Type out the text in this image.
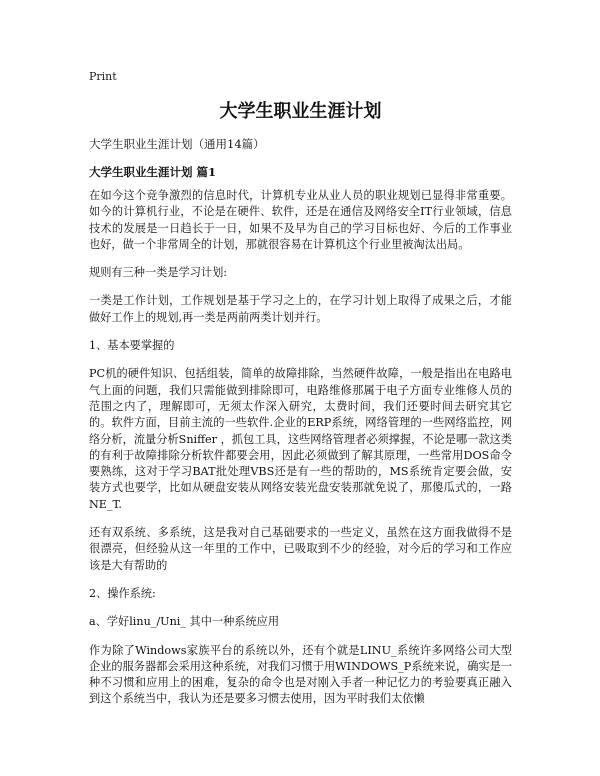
Print
大学生职业生涯计划
大学生职业生涯计划（通用14篇）
大学生职业生涯计划 篇1

在如今这个竞争激烈的信息时代，计算机专业从业人员的职业规划已显得非常重要。如今的计算机行业，不论是在硬件、软件，还是在通信及网络安全IT行业领域，信息技术的发展是一日趋长于一日，如果不及早为自己的学习目标也好、今后的工作事业也好，做一个非常周全的计划，那就很容易在计算机这个行业里被淘汰出局。

规则有三种一类是学习计划:

一类是工作计划，工作规划是基于学习之上的，在学习计划上取得了成果之后，才能做好工作上的规划,再一类是两前两类计划并行。

1、基本要掌握的

PC机的硬件知识、包括组装，简单的故障排除，当然硬件故障，一般是指出在电路电气上面的问题，我们只需能做到排除即可，电路维修那属于电子方面专业维修人员的范围之内了，理解即可，无须太作深入研究，太费时间，我们还要时间去研究其它的。软件方面，目前主流的一些软件.企业的ERP系统，网络管理的一些网络监控，网络分析，流量分析Sniffer ，抓包工具，这些网络管理者必须撑握，不论是哪一款这类的有利于故障排除分析软件都要会用，因此必须做到了解其原理，一些常用DOS命令要熟练，这对于学习BAT批处理VBS还是有一些的帮助的，MS系统肯定要会做，安装方式也要学，比如从硬盘安装从网络安装光盘安装那就免说了，那傻瓜式的，一路NE_T.

还有双系统、多系统，这是我对自己基础要求的一些定义，虽然在这方面我做得不是很漂亮，但经验从这一年里的工作中，已吸取到不少的经验，对今后的学习和工作应该是大有帮助的

2、操作系统:

a、学好linu_/Uni_ 其中一种系统应用

作为除了Windows家族平台的系统以外，还有个就是LINU_系统许多网络公司大型企业的服务器都会采用这种系统，对我们习惯于用WINDOWS_P系统来说，确实是一种不习惯和应用上的困难，复杂的命令也是对刚入手者一种记忆力的考验要真正融入到这个系统当中，我认为还是要多习惯去使用，因为平时我们太依懒
